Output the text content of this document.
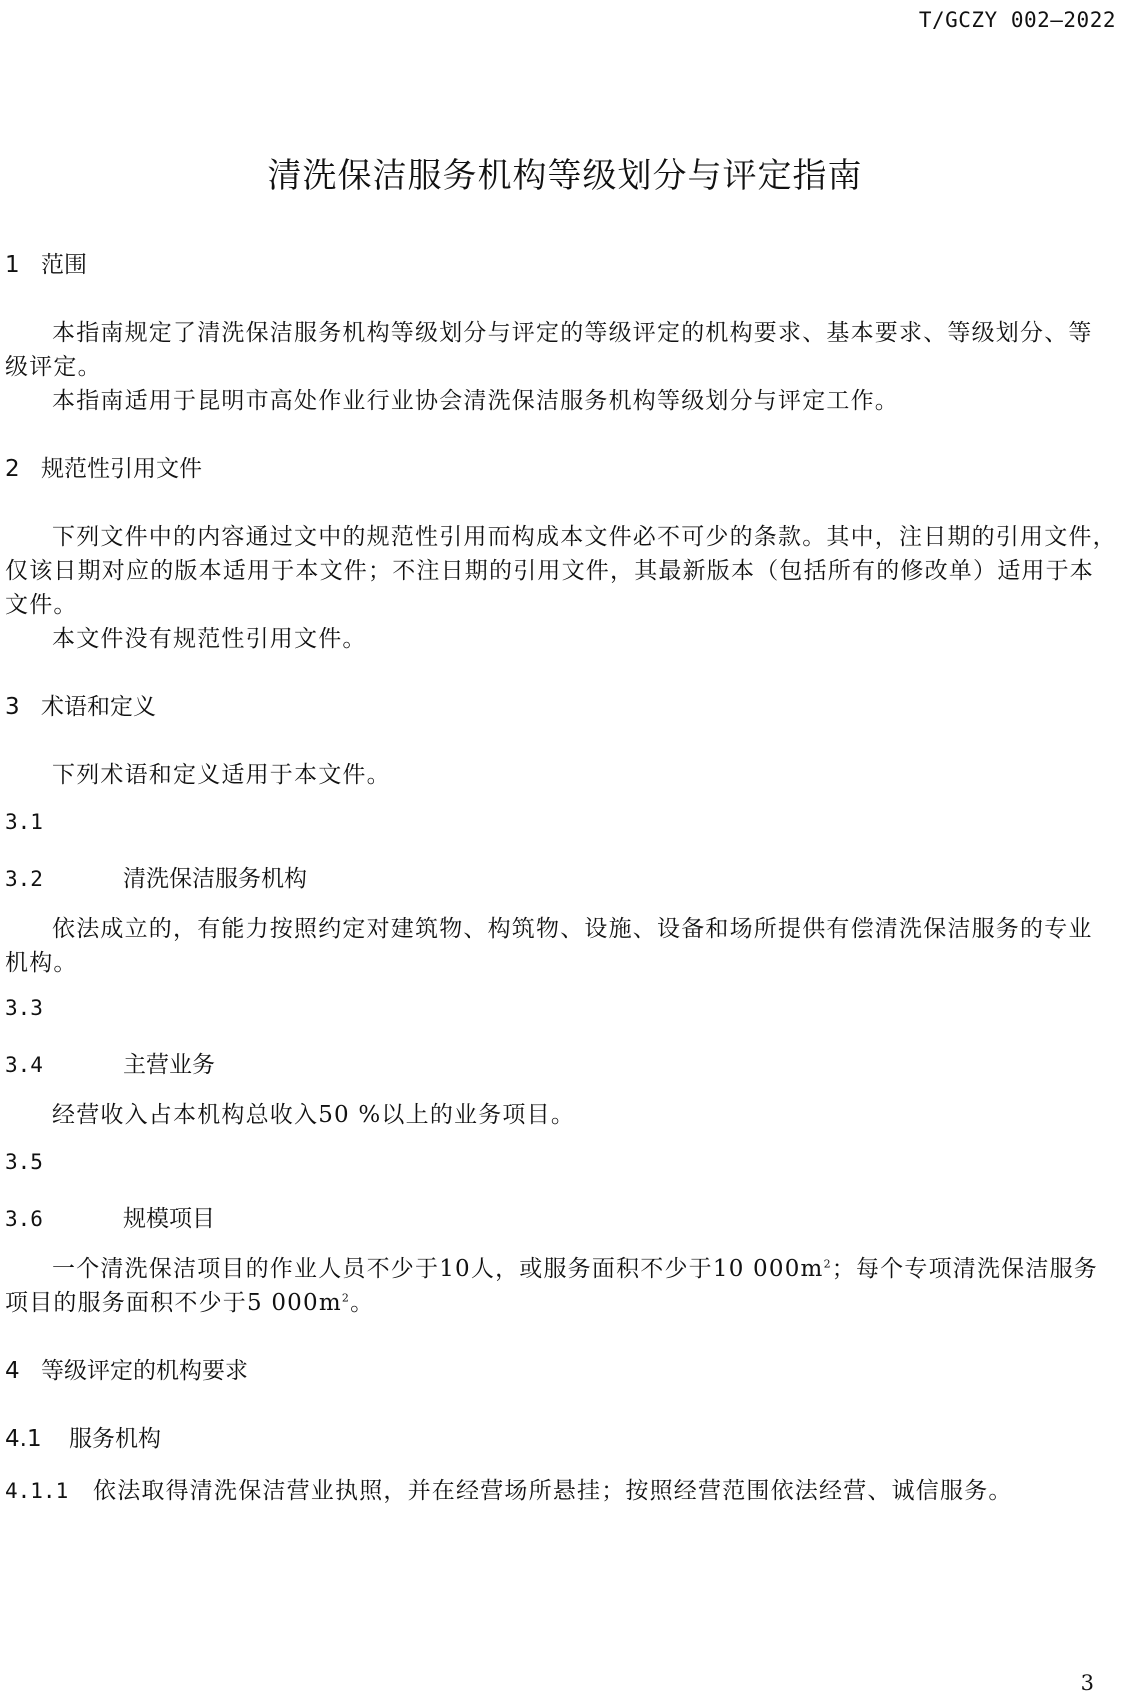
T/GCZY 002—2022
清洗保洁服务机构等级划分与评定指南
1 范围
本指南规定了清洗保洁服务机构等级划分与评定的等级评定的机构要求、基本要求、等级划分、等
级评定。
本指南适用于昆明市高处作业行业协会清洗保洁服务机构等级划分与评定工作。
2 规范性引用文件
下列文件中的内容通过文中的规范性引用而构成本文件必不可少的条款。其中，注日期的引用文件，
仅该日期对应的版本适用于本文件；不注日期的引用文件，其最新版本（包括所有的修改单）适用于本
文件。
本文件没有规范性引用文件。
3 术语和定义
下列术语和定义适用于本文件。
3.1
3.2	清洗保洁服务机构
依法成立的，有能力按照约定对建筑物、构筑物、设施、设备和场所提供有偿清洗保洁服务的专业
机构。
3.3
3.4	主营业务
经营收入占本机构总收入50 %以上的业务项目。
3.5
3.6	规模项目
一个清洗保洁项目的作业人员不少于10人，或服务面积不少于10 $000m^2$；每个专项清洗保洁服务
项目的服务面积不少于5 $000m^2$。
4 等级评定的机构要求
4.1 服务机构
4.1.1 依法取得清洗保洁营业执照，并在经营场所悬挂；按照经营范围依法经营、诚信服务。
3
